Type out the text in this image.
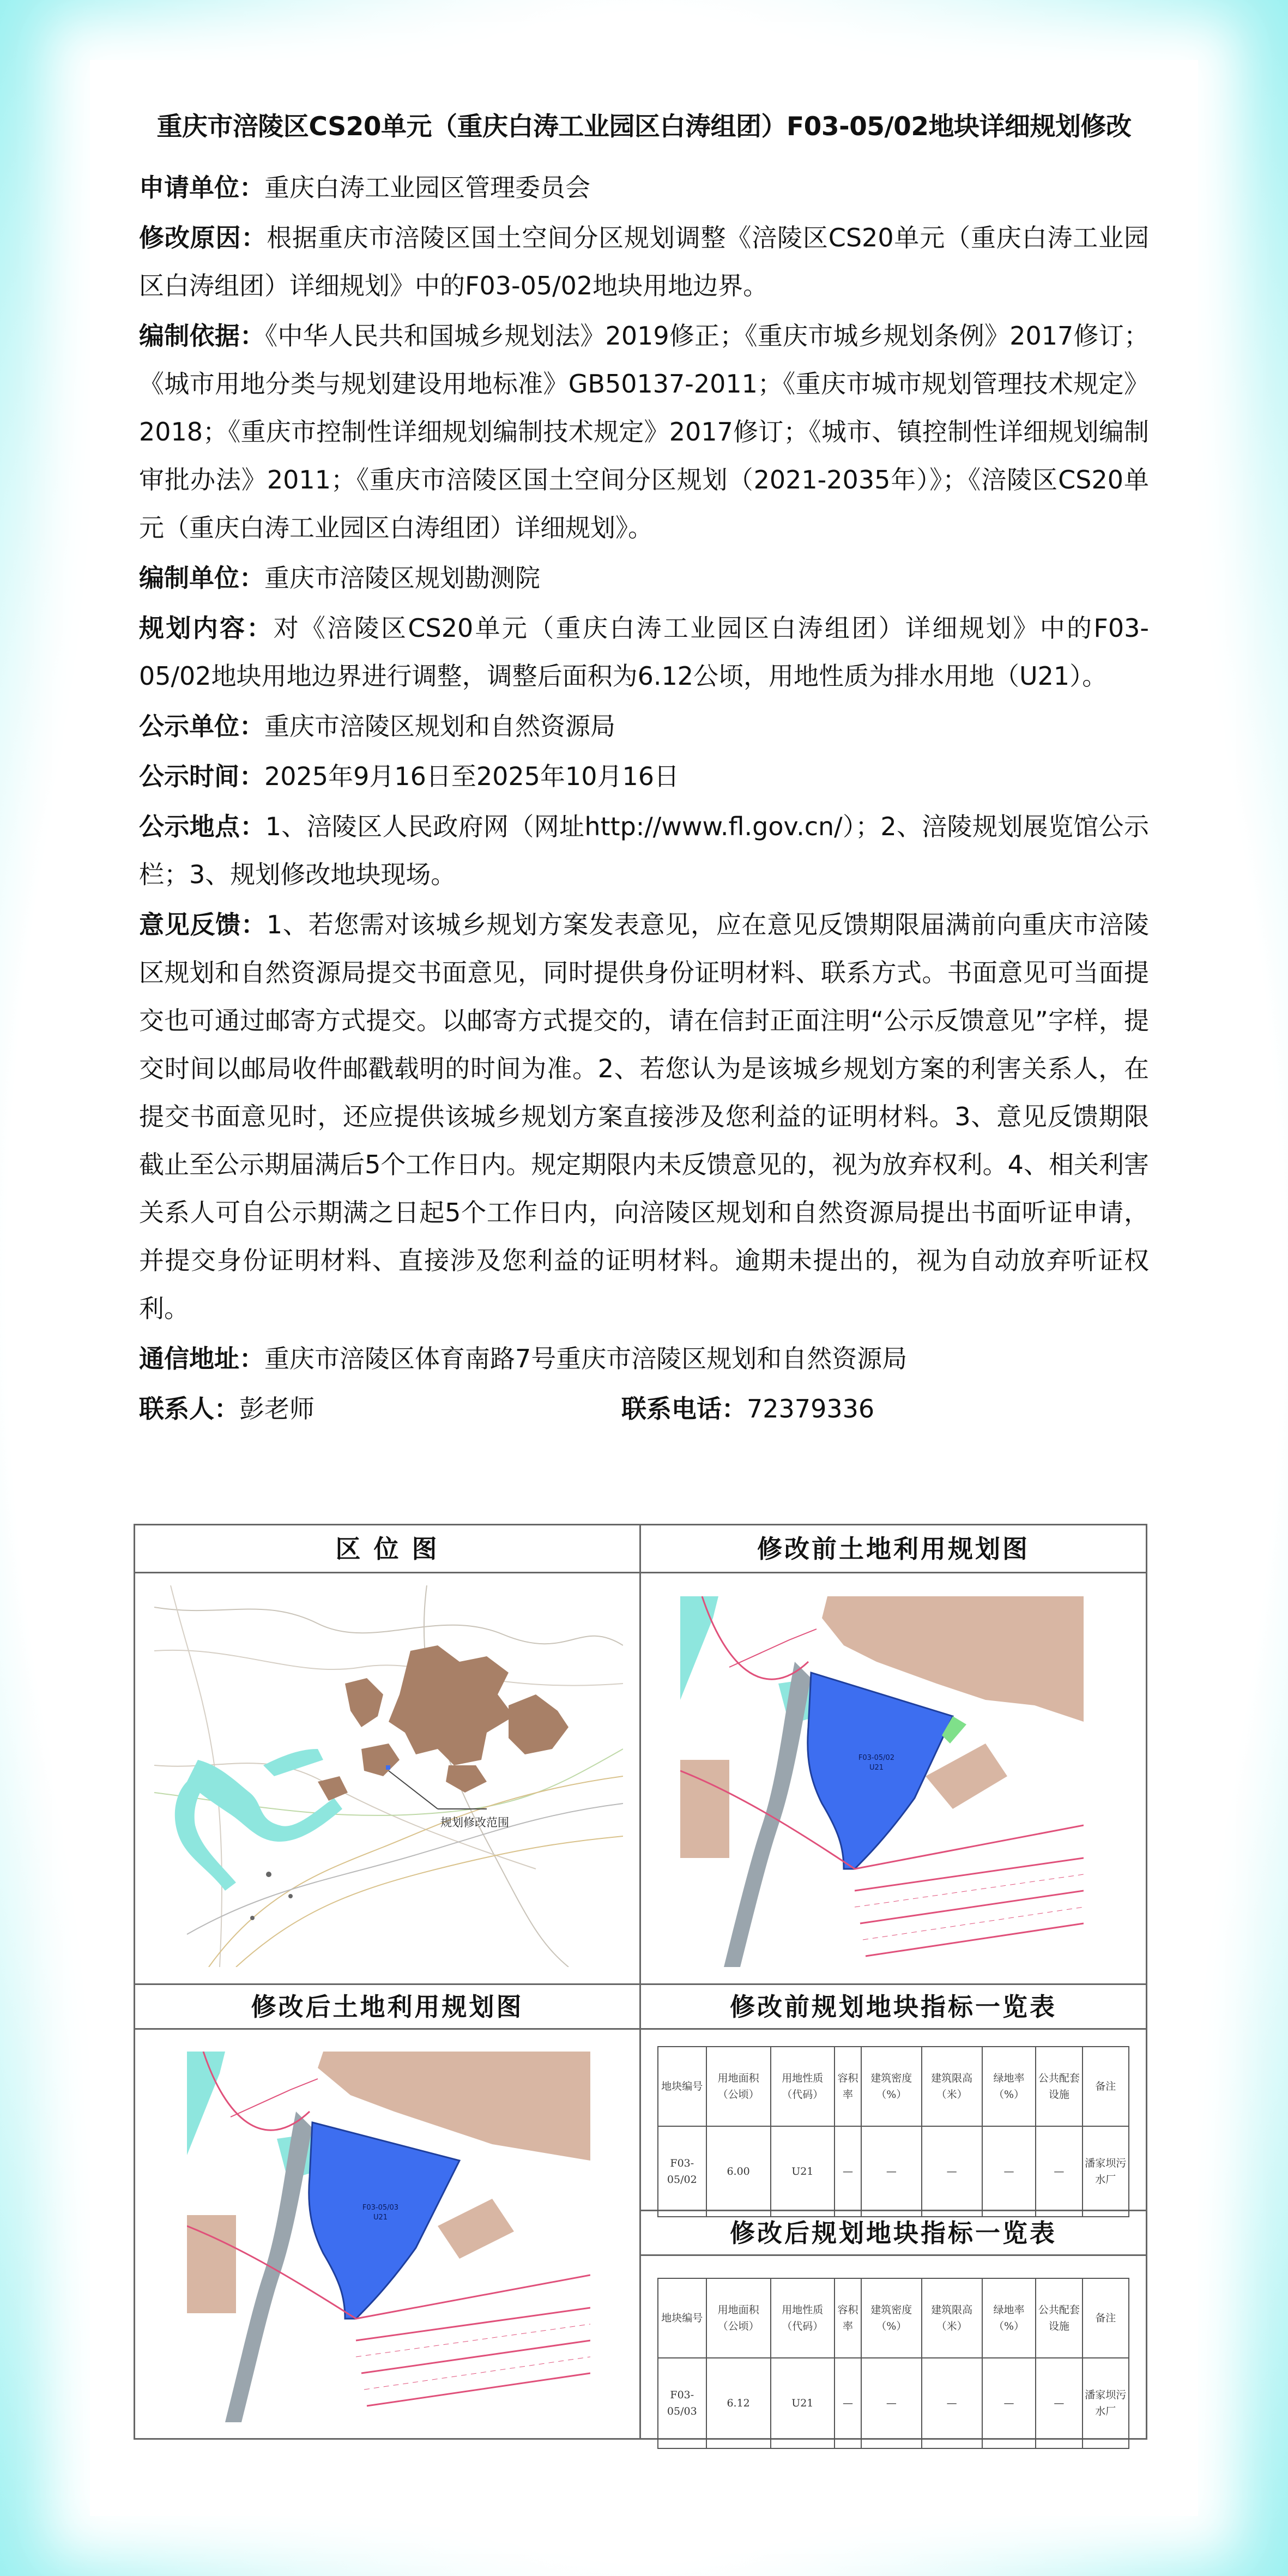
重庆市涪陵区CS20单元（重庆白涛工业园区白涛组团）F03-05/02地块详细规划修改

申请单位：重庆白涛工业园区管理委员会

修改原因：根据重庆市涪陵区国土空间分区规划调整《涪陵区CS20单元（重庆白涛工业园区白涛组团）详细规划》中的F03-05/02地块用地边界。

编制依据：《中华人民共和国城乡规划法》2019修正；《重庆市城乡规划条例》2017修订；《城市用地分类与规划建设用地标准》GB50137-2011；《重庆市城市规划管理技术规定》2018；《重庆市控制性详细规划编制技术规定》2017修订；《城市、镇控制性详细规划编制审批办法》2011；《重庆市涪陵区国土空间分区规划（2021-2035年）》；《涪陵区CS20单元（重庆白涛工业园区白涛组团）详细规划》。

编制单位：重庆市涪陵区规划勘测院

规划内容：对《涪陵区CS20单元（重庆白涛工业园区白涛组团）详细规划》中的F03-05/02地块用地边界进行调整，调整后面积为6.12公顷，用地性质为排水用地（U21）。

公示单位：重庆市涪陵区规划和自然资源局

公示时间：2025年9月16日至2025年10月16日

公示地点：1、涪陵区人民政府网（网址http://www.fl.gov.cn/）；2、涪陵规划展览馆公示栏；3、规划修改地块现场。

意见反馈：1、若您需对该城乡规划方案发表意见，应在意见反馈期限届满前向重庆市涪陵区规划和自然资源局提交书面意见，同时提供身份证明材料、联系方式。书面意见可当面提交也可通过邮寄方式提交。以邮寄方式提交的，请在信封正面注明“公示反馈意见”字样，提交时间以邮局收件邮戳载明的时间为准。2、若您认为是该城乡规划方案的利害关系人，在提交书面意见时，还应提供该城乡规划方案直接涉及您利益的证明材料。3、意见反馈期限截止至公示期届满后5个工作日内。规定期限内未反馈意见的，视为放弃权利。4、相关利害关系人可自公示期满之日起5个工作日内，向涪陵区规划和自然资源局提出书面听证申请，并提交身份证明材料、直接涉及您利益的证明材料。逾期未提出的，视为自动放弃听证权利。

通信地址：重庆市涪陵区体育南路7号重庆市涪陵区规划和自然资源局

联系人：彭老师	联系电话：72379336
区 位 图	修改前土地利用规划图
修改后土地利用规划图	修改前规划地块指标一览表
修改后规划地块指标一览表
规划修改范围
F03-05/02
U21
F03-05/03
U21
地块编号	用地面积（公顷）	用地性质（代码）	容积率	建筑密度（%）	建筑限高（米）	绿地率（%）	公共配套设施	备注
F03-05/02	6.00	U21	—	—	—	—	—	潘家坝污水厂
地块编号	用地面积（公顷）	用地性质（代码）	容积率	建筑密度（%）	建筑限高（米）	绿地率（%）	公共配套设施	备注
F03-05/03	6.12	U21	—	—	—	—	—	潘家坝污水厂
